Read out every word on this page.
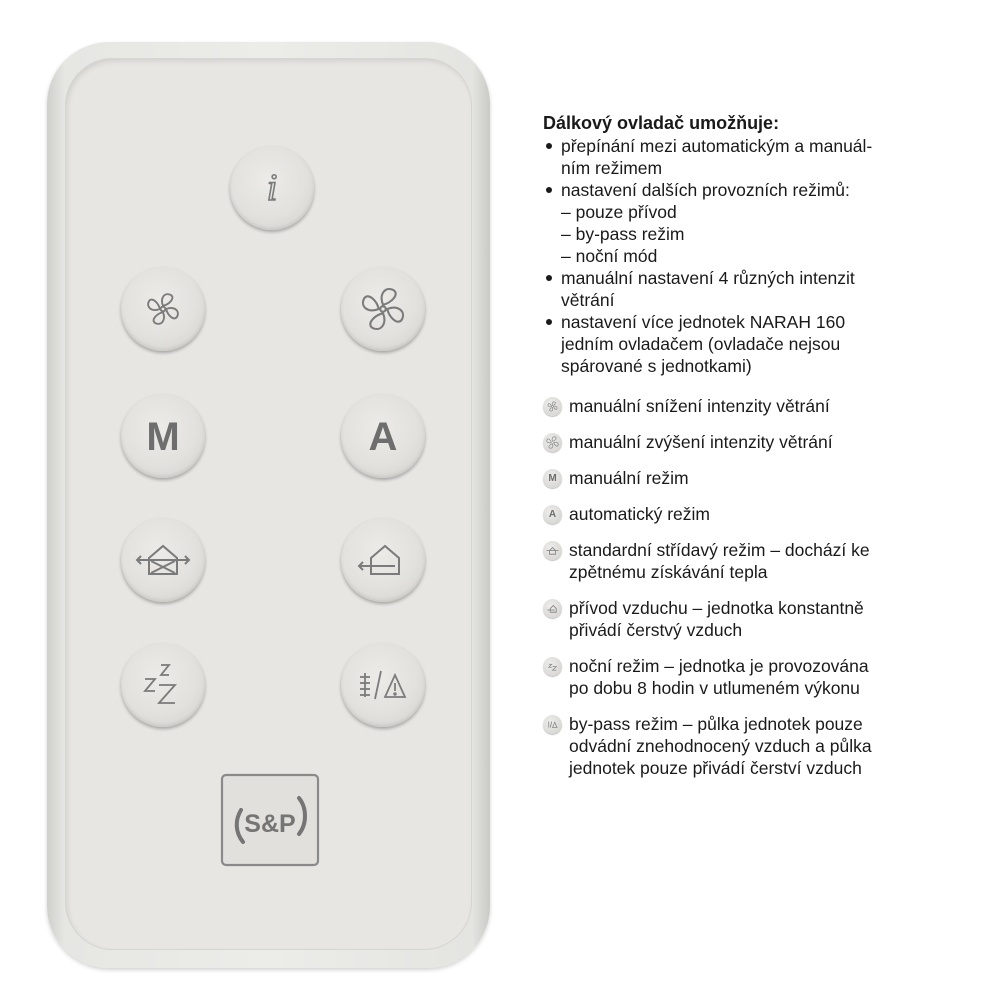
i
M	A
S&P
Dálkový ovladač umožňuje:
přepínání mezi automatickým a manuál-
ním režimem
nastavení dalších provozních režimů:
– pouze přívod
– by-pass režim
– noční mód
manuální nastavení 4 různých intenzit
větrání
nastavení více jednotek NARAH 160
jedním ovladačem (ovladače nejsou
spárované s jednotkami)
manuální snížení intenzity větrání
manuální zvýšení intenzity větrání
M manuální režim
A automatický režim
standardní střídavý režim – dochází ke
zpětnému získávání tepla
přívod vzduchu – jednotka konstantně
přivádí čerstvý vzduch
noční režim – jednotka je provozována
po dobu 8 hodin v utlumeném výkonu
by-pass režim – půlka jednotek pouze
odvádní znehodnocený vzduch a půlka
jednotek pouze přivádí čerství vzduch
